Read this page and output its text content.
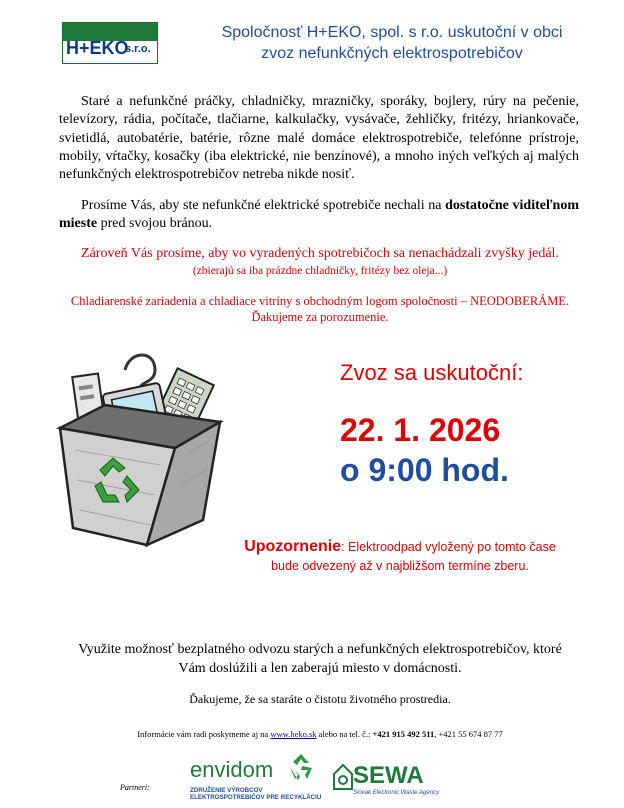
H+EKO
s.r.o.
Spoločnosť H+EKO, spol. s r.o. uskutoční v obci
zvoz nefunkčných elektrospotrebičov
Staré a nefunkčné práčky, chladničky, mrazničky, sporáky, bojlery, rúry na pečenie, televízory, rádia, počítače, tlačiarne, kalkulačky, vysávače, žehličky, fritézy, hriankovače, svietidlá, autobatérie, batérie, rôzne malé domáce elektrospotrebiče, telefónne prístroje, mobily, vŕtačky, kosačky (iba elektrické, nie benzínové), a mnoho iných veľkých aj malých nefunkčných elektrospotrebičov netreba nikde nosiť.
Prosíme Vás, aby ste nefunkčné elektrické spotrebiče nechali na dostatočne viditeľnom mieste pred svojou bránou.
Zároveň Vás prosíme, aby vo vyradených spotrebičoch sa nenachádzali zvyšky jedál.
(zbierajú sa iba prázdne chladničky, fritézy bez oleja...)
Chladiarenské zariadenia a chladiace vitríny s obchodným logom spoločnosti – NEODOBERÁME.
Ďakujeme za porozumenie.
Zvoz sa uskutoční:
22. 1. 2026
o 9:00 hod.
Upozornenie: Elektroodpad vyložený po tomto čase
bude odvezený až v najbližšom termíne zberu.
Využite možnosť bezplatného odvozu starých a nefunkčných elektrospotrebičov, ktoré
Vám doslúžili a len zaberajú miesto v domácnosti.
Ďakujeme, že sa staráte o čistotu životného prostredia.
Informácie vám radi poskytneme aj na www.heko.sk alebo na tel. č.: +421 915 492 511, +421 55 674 87 77
Partneri:
envidom
ZDRUŽENIE VÝROBCOV
ELEKTROSPOTREBIČOV PRE RECYKLÁCIU
SEWA
Slovak Electronic Waste Agency
